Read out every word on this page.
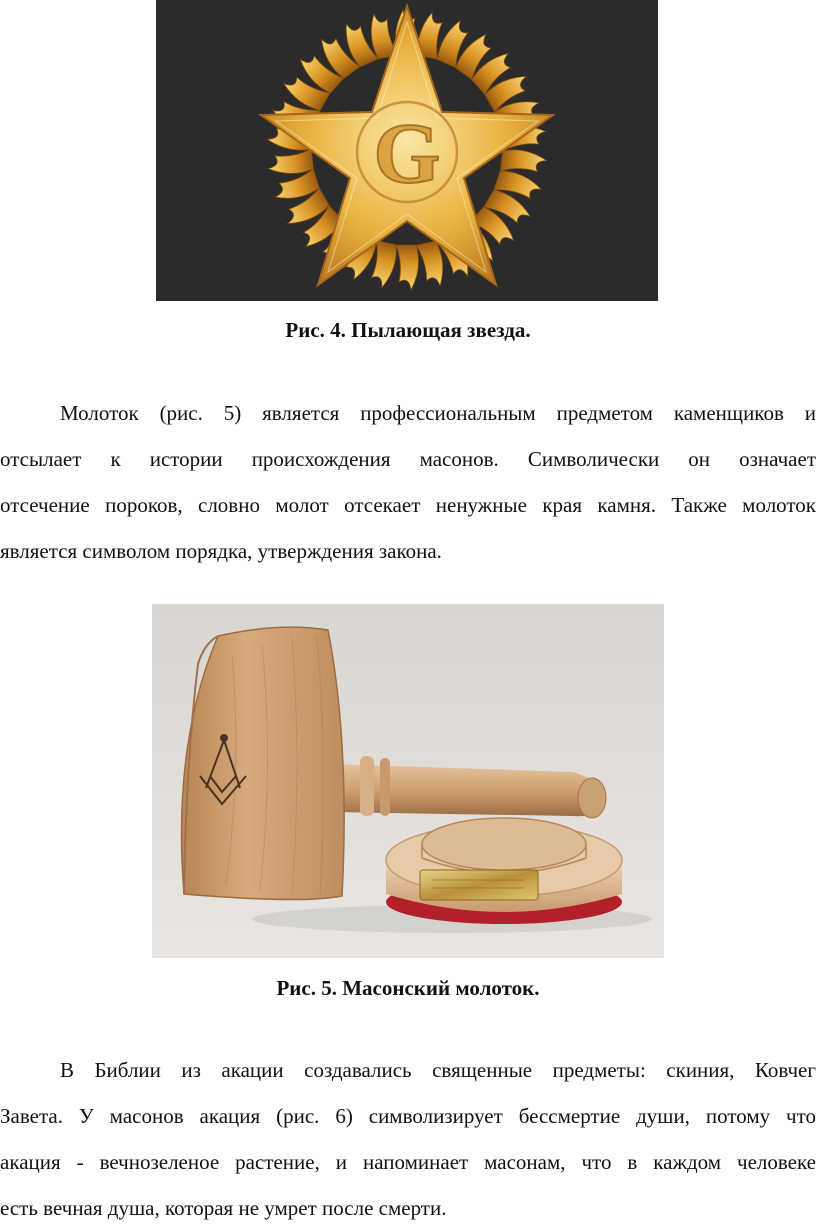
G
Рис. 4. Пылающая звезда.
Молоток (рис. 5) является профессиональным предметом каменщиков и
отсылает к истории происхождения масонов. Символически он означает
отсечение пороков, словно молот отсекает ненужные края камня. Также молоток
является символом порядка, утверждения закона.
Рис. 5. Масонский молоток.
В Библии из акации создавались священные предметы: скиния, Ковчег
Завета. У масонов акация (рис. 6) символизирует бессмертие души, потому что
акация - вечнозеленое растение, и напоминает масонам, что в каждом человеке
есть вечная душа, которая не умрет после смерти.
